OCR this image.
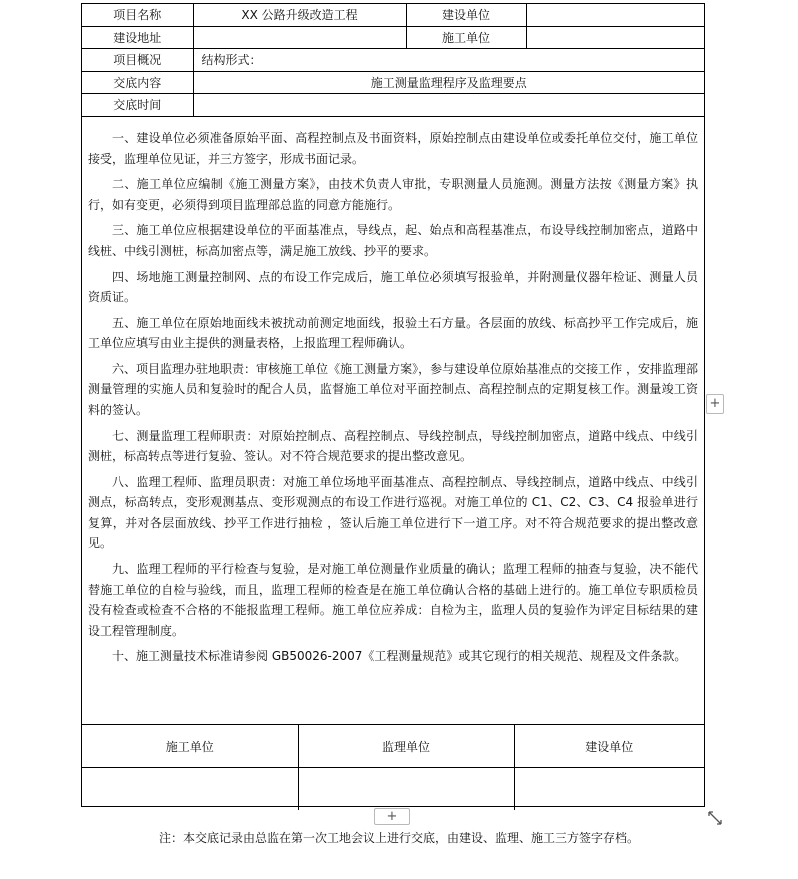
项目名称	XX 公路升级改造工程	建设单位	
建设地址		施工单位	
项目概况	结构形式：		
交底内容	施工测量监理程序及监理要点		
交底时间			

一、建设单位必须准备原始平面、高程控制点及书面资料，原始控制点由建设单位或委托单位交付，施工单位接受，监理单位见证，并三方签字，形成书面记录。

二、施工单位应编制《施工测量方案》，由技术负责人审批，专职测量人员施测。测量方法按《测量方案》执行，如有变更，必须得到项目监理部总监的同意方能施行。

三、施工单位应根据建设单位的平面基准点，导线点，起、始点和高程基准点，布设导线控制加密点，道路中线桩、中线引测桩，标高加密点等，满足施工放线、抄平的要求。

四、场地施工测量控制网、点的布设工作完成后，施工单位必须填写报验单，并附测量仪器年检证、测量人员资质证。

五、施工单位在原始地面线未被扰动前测定地面线，报验土石方量。各层面的放线、标高抄平工作完成后，施工单位应填写由业主提供的测量表格，上报监理工程师确认。

六、项目监理办驻地职责：审核施工单位《施工测量方案》，参与建设单位原始基准点的交接工作 ，安排监理部测量管理的实施人员和复验时的配合人员，监督施工单位对平面控制点、高程控制点的定期复核工作。测量竣工资料的签认。

七、测量监理工程师职责：对原始控制点、高程控制点、导线控制点，导线控制加密点，道路中线点、中线引测桩，标高转点等进行复验、签认。对不符合规范要求的提出整改意见。

八、监理工程师、监理员职责：对施工单位场地平面基准点、高程控制点、导线控制点，道路中线点、中线引测点，标高转点，变形观测基点、变形观测点的布设工作进行巡视。对施工单位的 C1、C2、C3、C4 报验单进行复算，并对各层面放线、抄平工作进行抽检 ，签认后施工单位进行下一道工序。对不符合规范要求的提出整改意见。

九、监理工程师的平行检查与复验，是对施工单位测量作业质量的确认；监理工程师的抽查与复验，决不能代替施工单位的自检与验线，而且，监理工程师的检查是在施工单位确认合格的基础上进行的。施工单位专职质检员没有检查或检查不合格的不能报监理工程师。施工单位应养成：自检为主，监理人员的复验作为评定目标结果的建设工程管理制度。

十、施工测量技术标准请参阅 GB50026-2007《工程测量规范》或其它现行的相关规范、规程及文件条款。

施工单位	监理单位	建设单位

+
+
注：本交底记录由总监在第一次工地会议上进行交底，由建设、监理、施工三方签字存档。
